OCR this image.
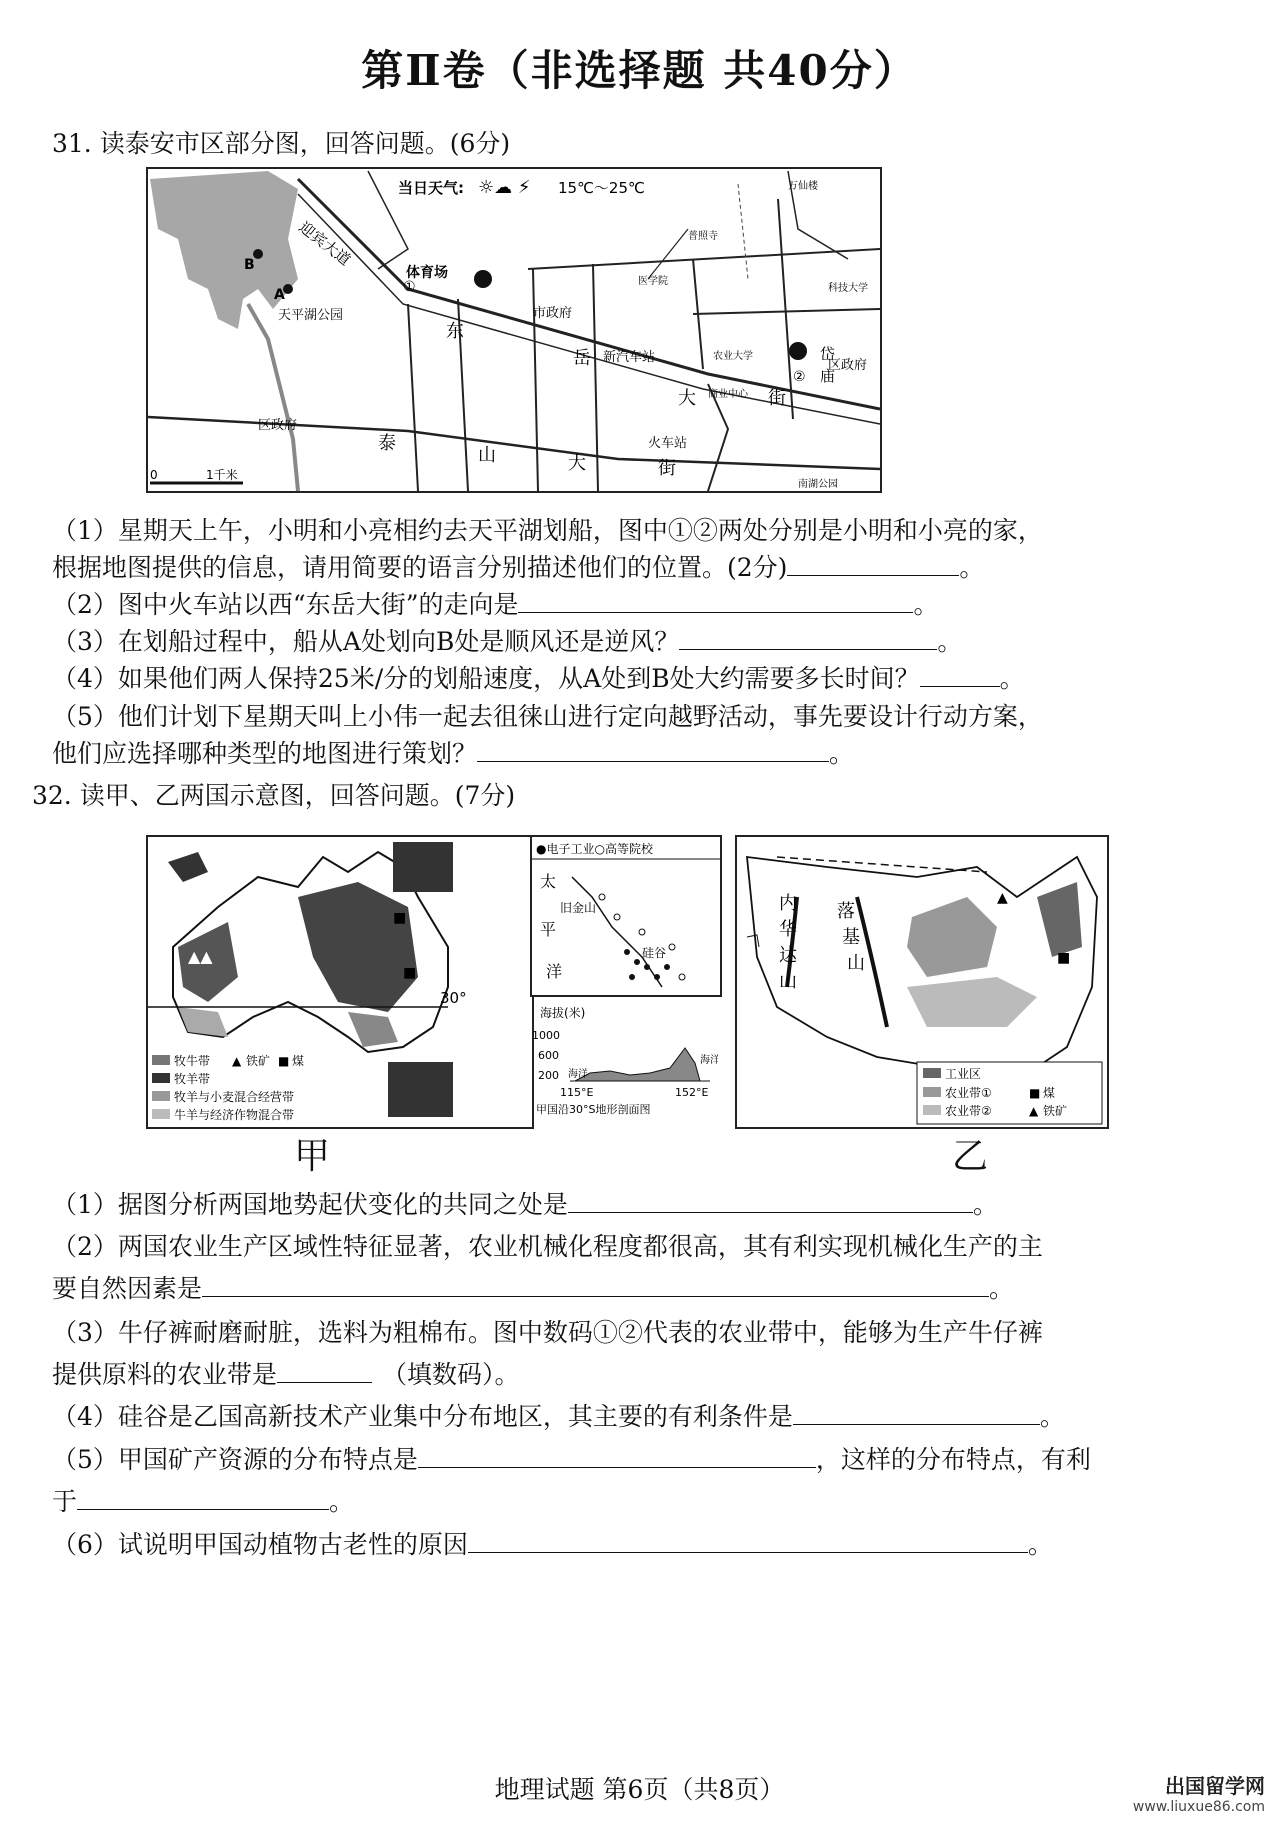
第Ⅱ卷（非选择题 共40分）
31. 读泰安市区部分图，回答问题。(6分)
当日天气: ☼☁ ⚡ 15℃～25℃
迎宾大道
东
岳
大	街
泰
山	大	街
B
A
天平湖公园
体育场
①
市政府
新汽车站
火车站
区政府
区政府
岱
庙
②
万仙楼
普照寺
医学院
科技大学
农业大学
商业中心
南湖公园
0	1千米
（1）星期天上午，小明和小亮相约去天平湖划船，图中①②两处分别是小明和小亮的家，
根据地图提供的信息，请用简要的语言分别描述他们的位置。(2分)	。
（2）图中火车站以西“东岳大街”的走向是	。
（3）在划船过程中，船从A处划向B处是顺风还是逆风？	。
（4）如果他们两人保持25米/分的划船速度，从A处到B处大约需要多长时间？	。
（5）他们计划下星期天叫上小伟一起去徂徕山进行定向越野活动，事先要设计行动方案，
他们应选择哪种类型的地图进行策划？	。
32. 读甲、乙两国示意图，回答问题。(7分)
30°
▲▲
■
■
牧牛带 ▲ 铁矿 ■ 煤
牧羊带
牧羊与小麦混合经营带
牛羊与经济作物混合带
甲
●电子工业○高等院校
太
平
洋
旧金山
硅谷
海拔(米)
1000
600
200 海洋
海洋
115°E	152°E
甲国沿30°S地形剖面图
内
华
达
山
落
基
山
▲
■
工业区
农业带①	■ 煤
农业带②	▲ 铁矿
乙
（1）据图分析两国地势起伏变化的共同之处是	。
（2）两国农业生产区域性特征显著，农业机械化程度都很高，其有利实现机械化生产的主
要自然因素是	。
（3）牛仔裤耐磨耐脏，选料为粗棉布。图中数码①②代表的农业带中，能够为生产牛仔裤
提供原料的农业带是	（填数码）。
（4）硅谷是乙国高新技术产业集中分布地区，其主要的有利条件是	。
（5）甲国矿产资源的分布特点是	，这样的分布特点，有利
于	。
（6）试说明甲国动植物古老性的原因	。
地理试题 第6页（共8页）	出国留学网
www.liuxue86.com
